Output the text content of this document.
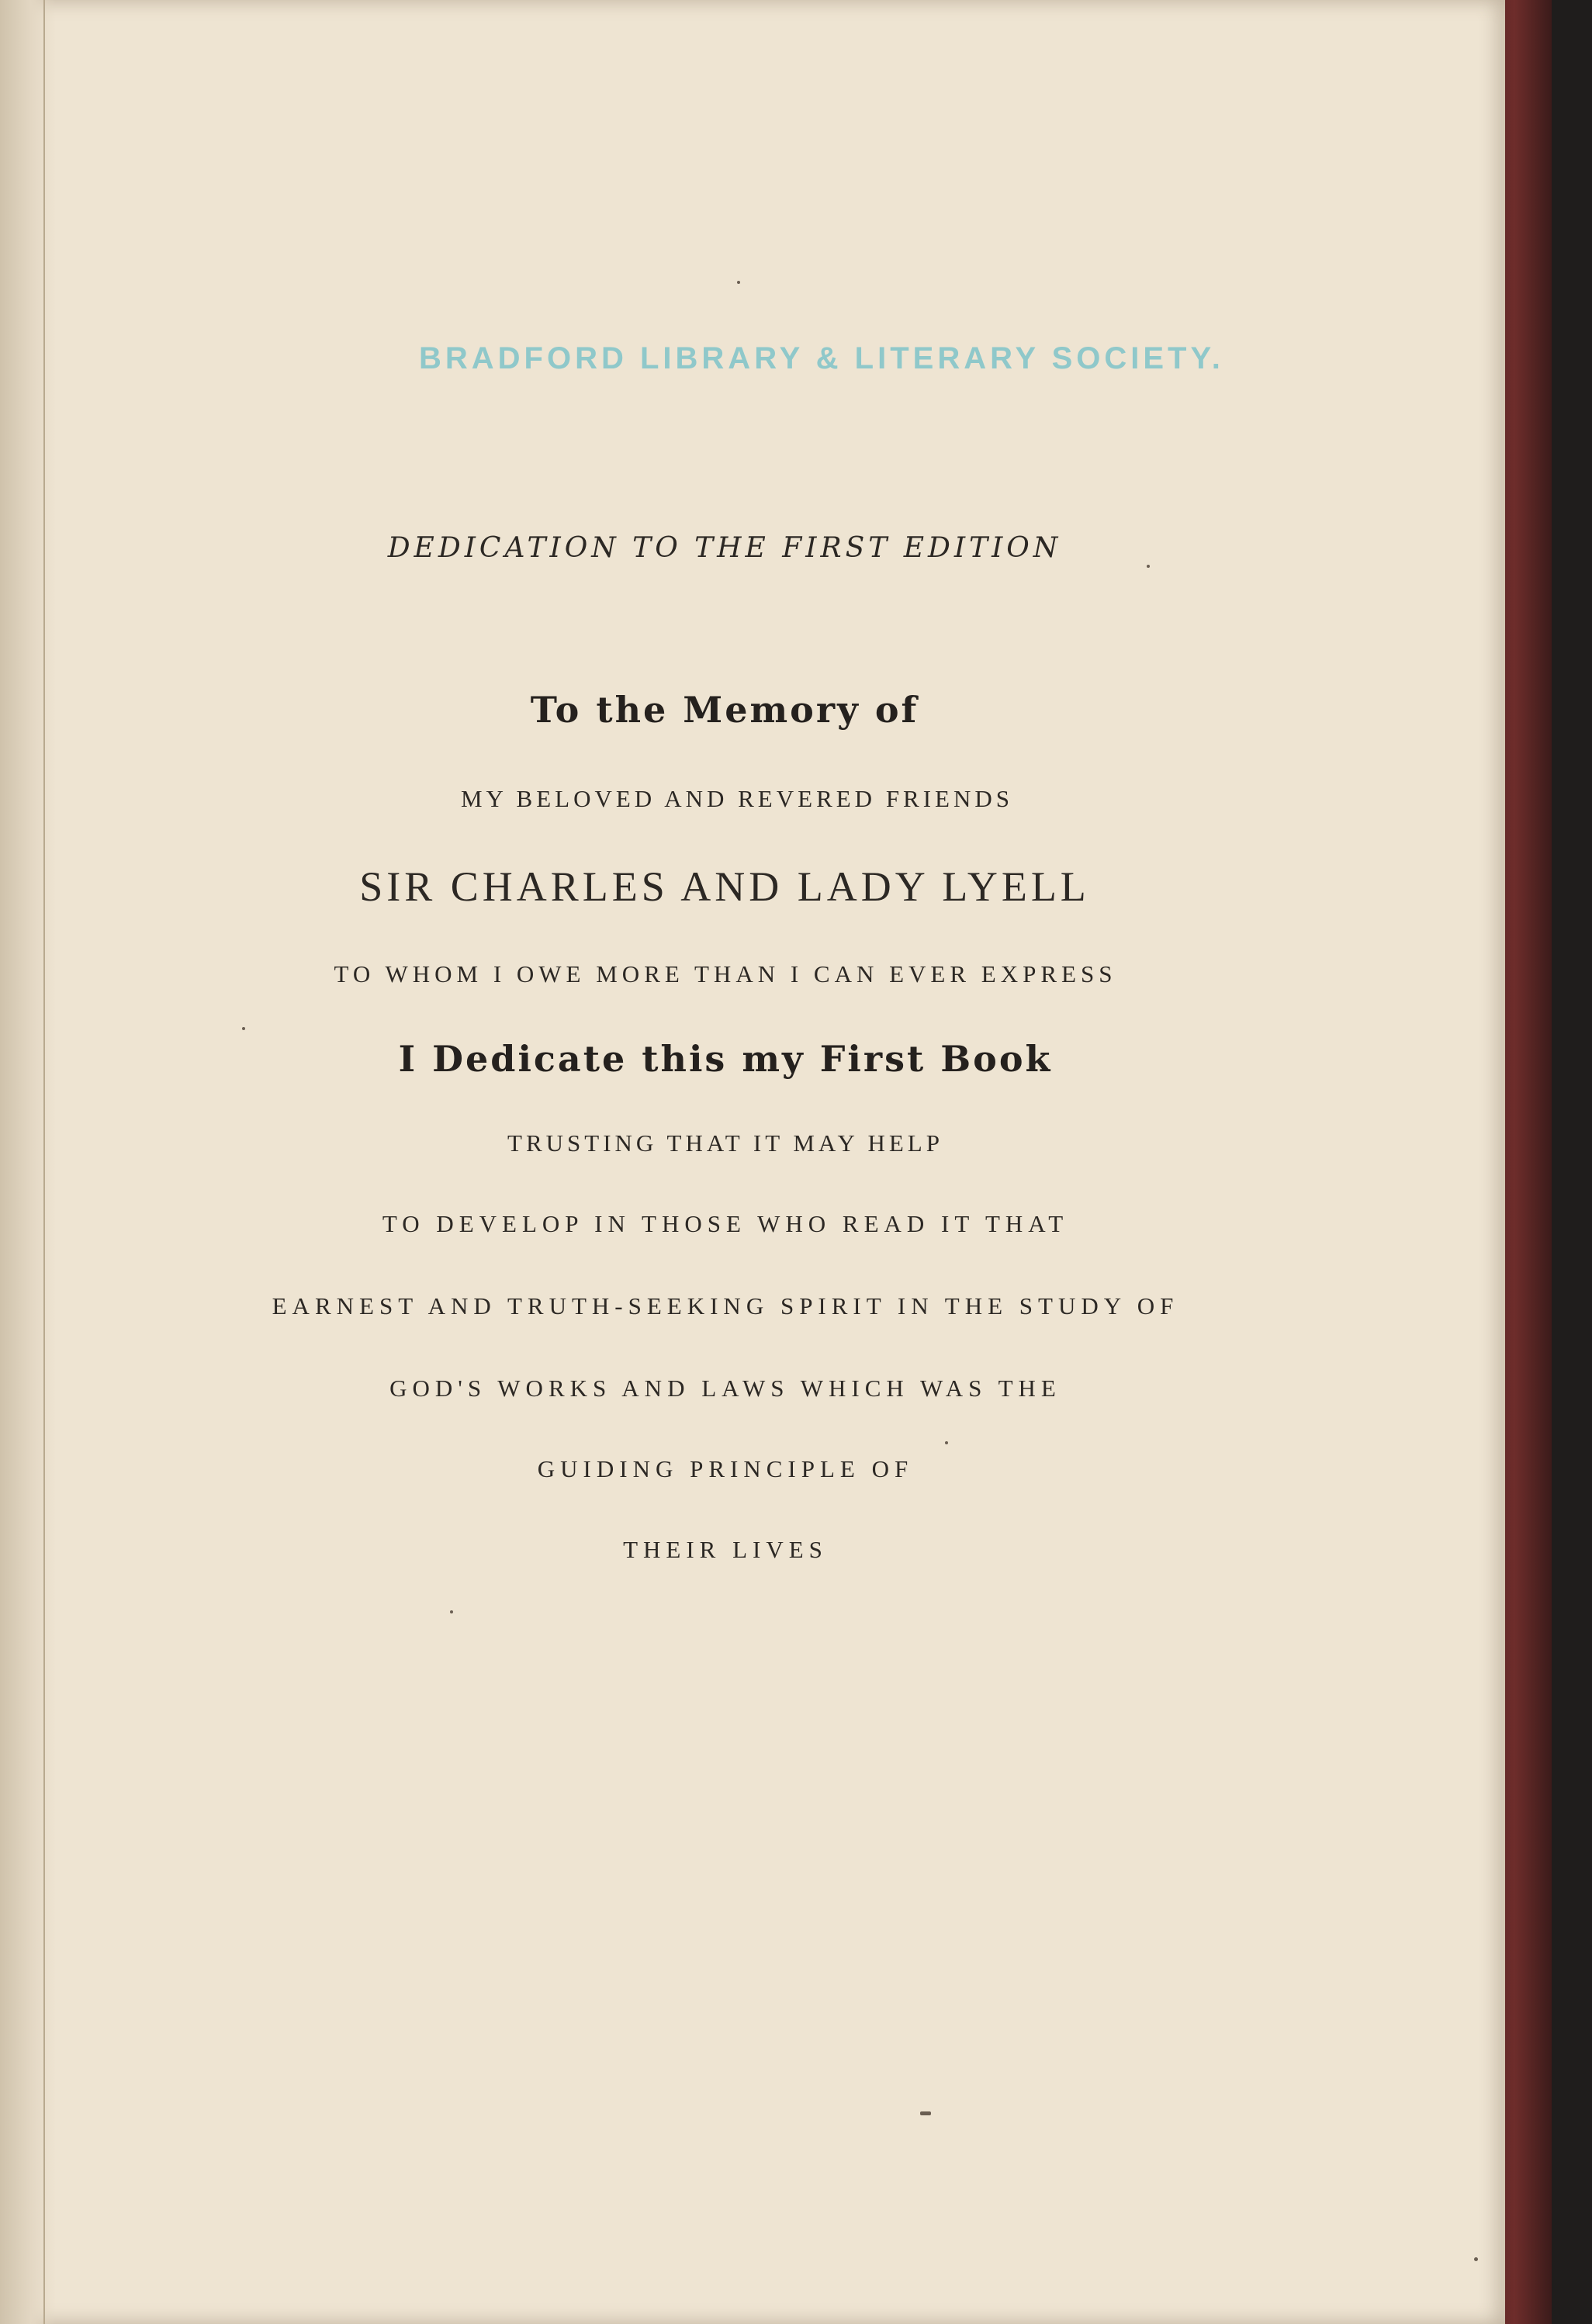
BRADFORD LIBRARY & LITERARY SOCIETY.
DEDICATION TO THE FIRST EDITION
To the Memory of
MY BELOVED AND REVERED FRIENDS
SIR CHARLES AND LADY LYELL
TO WHOM I OWE MORE THAN I CAN EVER EXPRESS
I Dedicate this my First Book
TRUSTING THAT IT MAY HELP
TO DEVELOP IN THOSE WHO READ IT THAT
EARNEST AND TRUTH-SEEKING SPIRIT IN THE STUDY OF
GOD'S WORKS AND LAWS WHICH WAS THE
GUIDING PRINCIPLE OF
THEIR LIVES
